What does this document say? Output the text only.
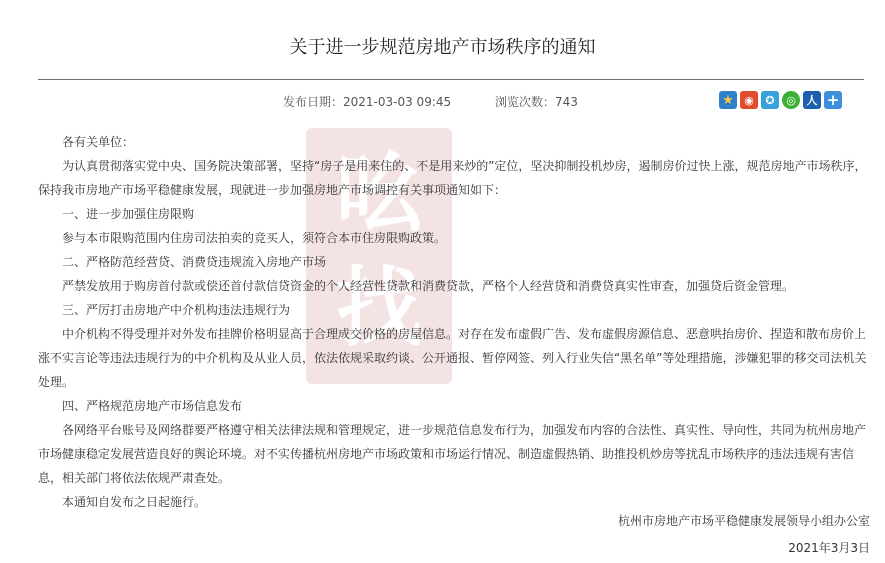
关于进一步规范房地产市场秩序的通知
发布日期：2021-03-03 09:45	浏览次数：743	★ ◉	✪	◎ 人 +
吆
找

各有关单位：

为认真贯彻落实党中央、国务院决策部署，坚持“房子是用来住的、不是用来炒的”定位，坚决抑制投机炒房，遏制房价过快上涨，规范房地产市场秩序，保持我市房地产市场平稳健康发展，现就进一步加强房地产市场调控有关事项通知如下：

一、进一步加强住房限购

参与本市限购范围内住房司法拍卖的竞买人，须符合本市住房限购政策。

二、严格防范经营贷、消费贷违规流入房地产市场

严禁发放用于购房首付款或偿还首付款信贷资金的个人经营性贷款和消费贷款，严格个人经营贷和消费贷真实性审查，加强贷后资金管理。

三、严厉打击房地产中介机构违法违规行为

中介机构不得受理并对外发布挂牌价格明显高于合理成交价格的房屋信息。对存在发布虚假广告、发布虚假房源信息、恶意哄抬房价、捏造和散布房价上涨不实言论等违法违规行为的中介机构及从业人员，依法依规采取约谈、公开通报、暂停网签、列入行业失信“黑名单”等处理措施，涉嫌犯罪的移交司法机关处理。

四、严格规范房地产市场信息发布

各网络平台账号及网络群要严格遵守相关法律法规和管理规定，进一步规范信息发布行为，加强发布内容的合法性、真实性、导向性，共同为杭州房地产市场健康稳定发展营造良好的舆论环境。对不实传播杭州房地产市场政策和市场运行情况、制造虚假热销、助推投机炒房等扰乱市场秩序的违法违规有害信息，相关部门将依法依规严肃查处。

本通知自发布之日起施行。

杭州市房地产市场平稳健康发展领导小组办公室
2021年3月3日
